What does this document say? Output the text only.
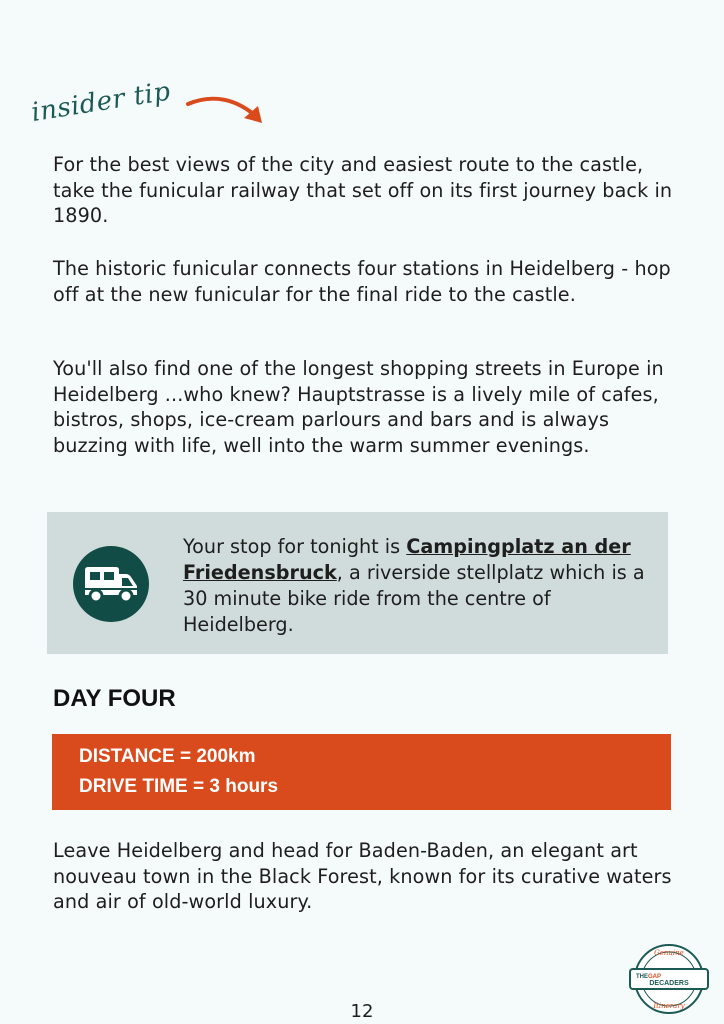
insider tip

For the best views of the city and easiest route to the castle, take the funicular railway that set off on its first journey back in 1890.

The historic funicular connects four stations in Heidelberg - hop off at the new funicular for the final ride to the castle.

You'll also find one of the longest shopping streets in Europe in Heidelberg ...who knew? Hauptstrasse is a lively mile of cafes, bistros, shops, ice-cream parlours and bars and is always buzzing with life, well into the warm summer evenings.

Your stop for tonight is Campingplatz an der Friedensbruck, a riverside stellplatz which is a 30 minute bike ride from the centre of Heidelberg.

DAY FOUR

DISTANCE = 200km

DRIVE TIME = 3 hours

Leave Heidelberg and head for Baden-Baden, an elegant art nouveau town in the Black Forest, known for its curative waters and air of old-world luxury.

Genuine
THEGAP
DECADERS
Itinerary

12
